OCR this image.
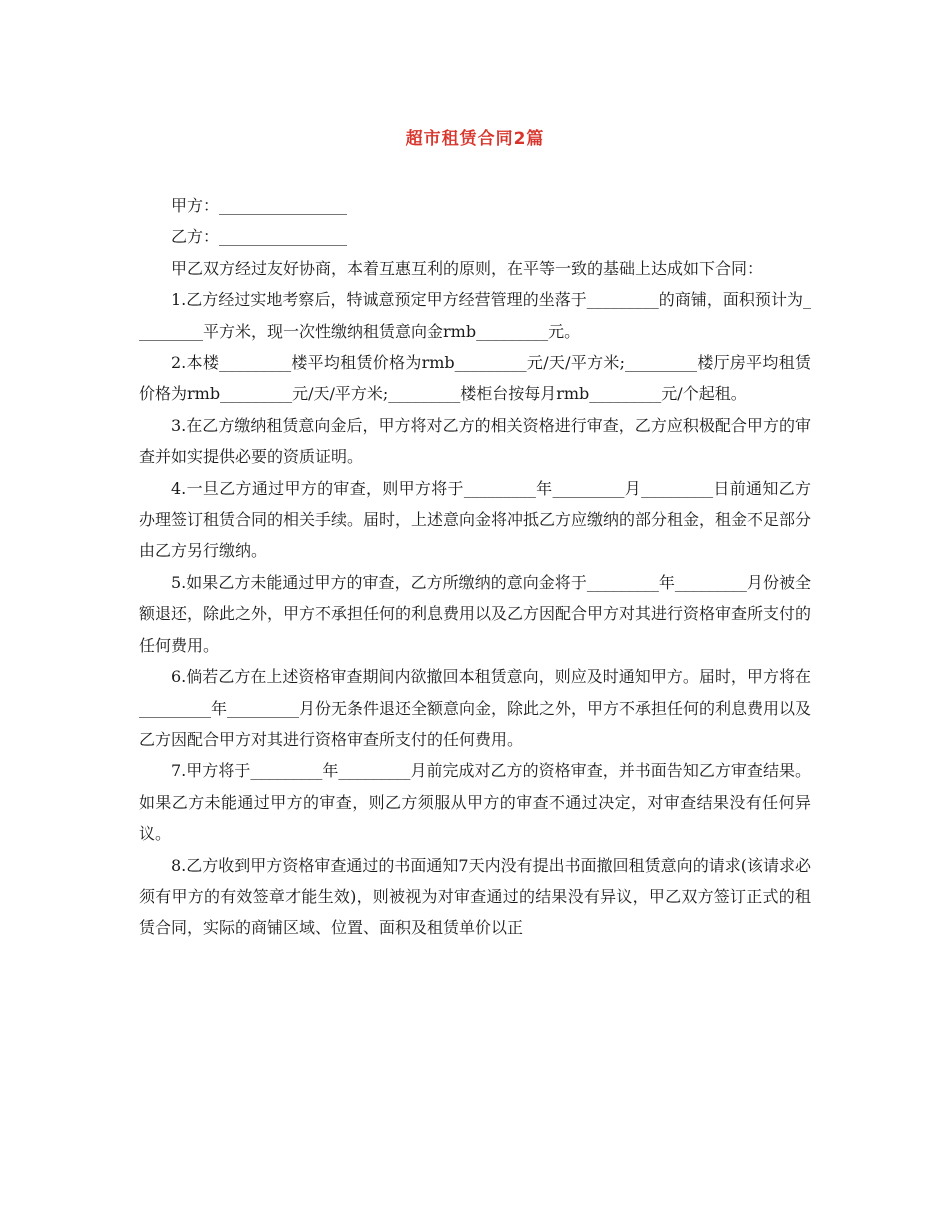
超市租赁合同2篇

甲方：________________

乙方：________________

甲乙双方经过友好协商，本着互惠互利的原则，在平等一致的基础上达成如下合同：

1.乙方经过实地考察后，特诚意预定甲方经营管理的坐落于_________的商铺，面积预计为_________平方米，现一次性缴纳租赁意向金rmb_________元。

2.本楼_________楼平均租赁价格为rmb_________元/天/平方米;_________楼厅房平均租赁价格为rmb_________元/天/平方米;_________楼柜台按每月rmb_________元/个起租。

3.在乙方缴纳租赁意向金后，甲方将对乙方的相关资格进行审查，乙方应积极配合甲方的审查并如实提供必要的资质证明。

4.一旦乙方通过甲方的审查，则甲方将于_________年_________月_________日前通知乙方办理签订租赁合同的相关手续。届时，上述意向金将冲抵乙方应缴纳的部分租金，租金不足部分由乙方另行缴纳。

5.如果乙方未能通过甲方的审查，乙方所缴纳的意向金将于_________年_________月份被全额退还，除此之外，甲方不承担任何的利息费用以及乙方因配合甲方对其进行资格审查所支付的任何费用。

6.倘若乙方在上述资格审查期间内欲撤回本租赁意向，则应及时通知甲方。届时，甲方将在_________年_________月份无条件退还全额意向金，除此之外，甲方不承担任何的利息费用以及乙方因配合甲方对其进行资格审查所支付的任何费用。

7.甲方将于_________年_________月前完成对乙方的资格审查，并书面告知乙方审查结果。如果乙方未能通过甲方的审查，则乙方须服从甲方的审查不通过决定，对审查结果没有任何异议。

8.乙方收到甲方资格审查通过的书面通知7天内没有提出书面撤回租赁意向的请求(该请求必须有甲方的有效签章才能生效)，则被视为对审查通过的结果没有异议，甲乙双方签订正式的租赁合同，实际的商铺区域、位置、面积及租赁单价以正
